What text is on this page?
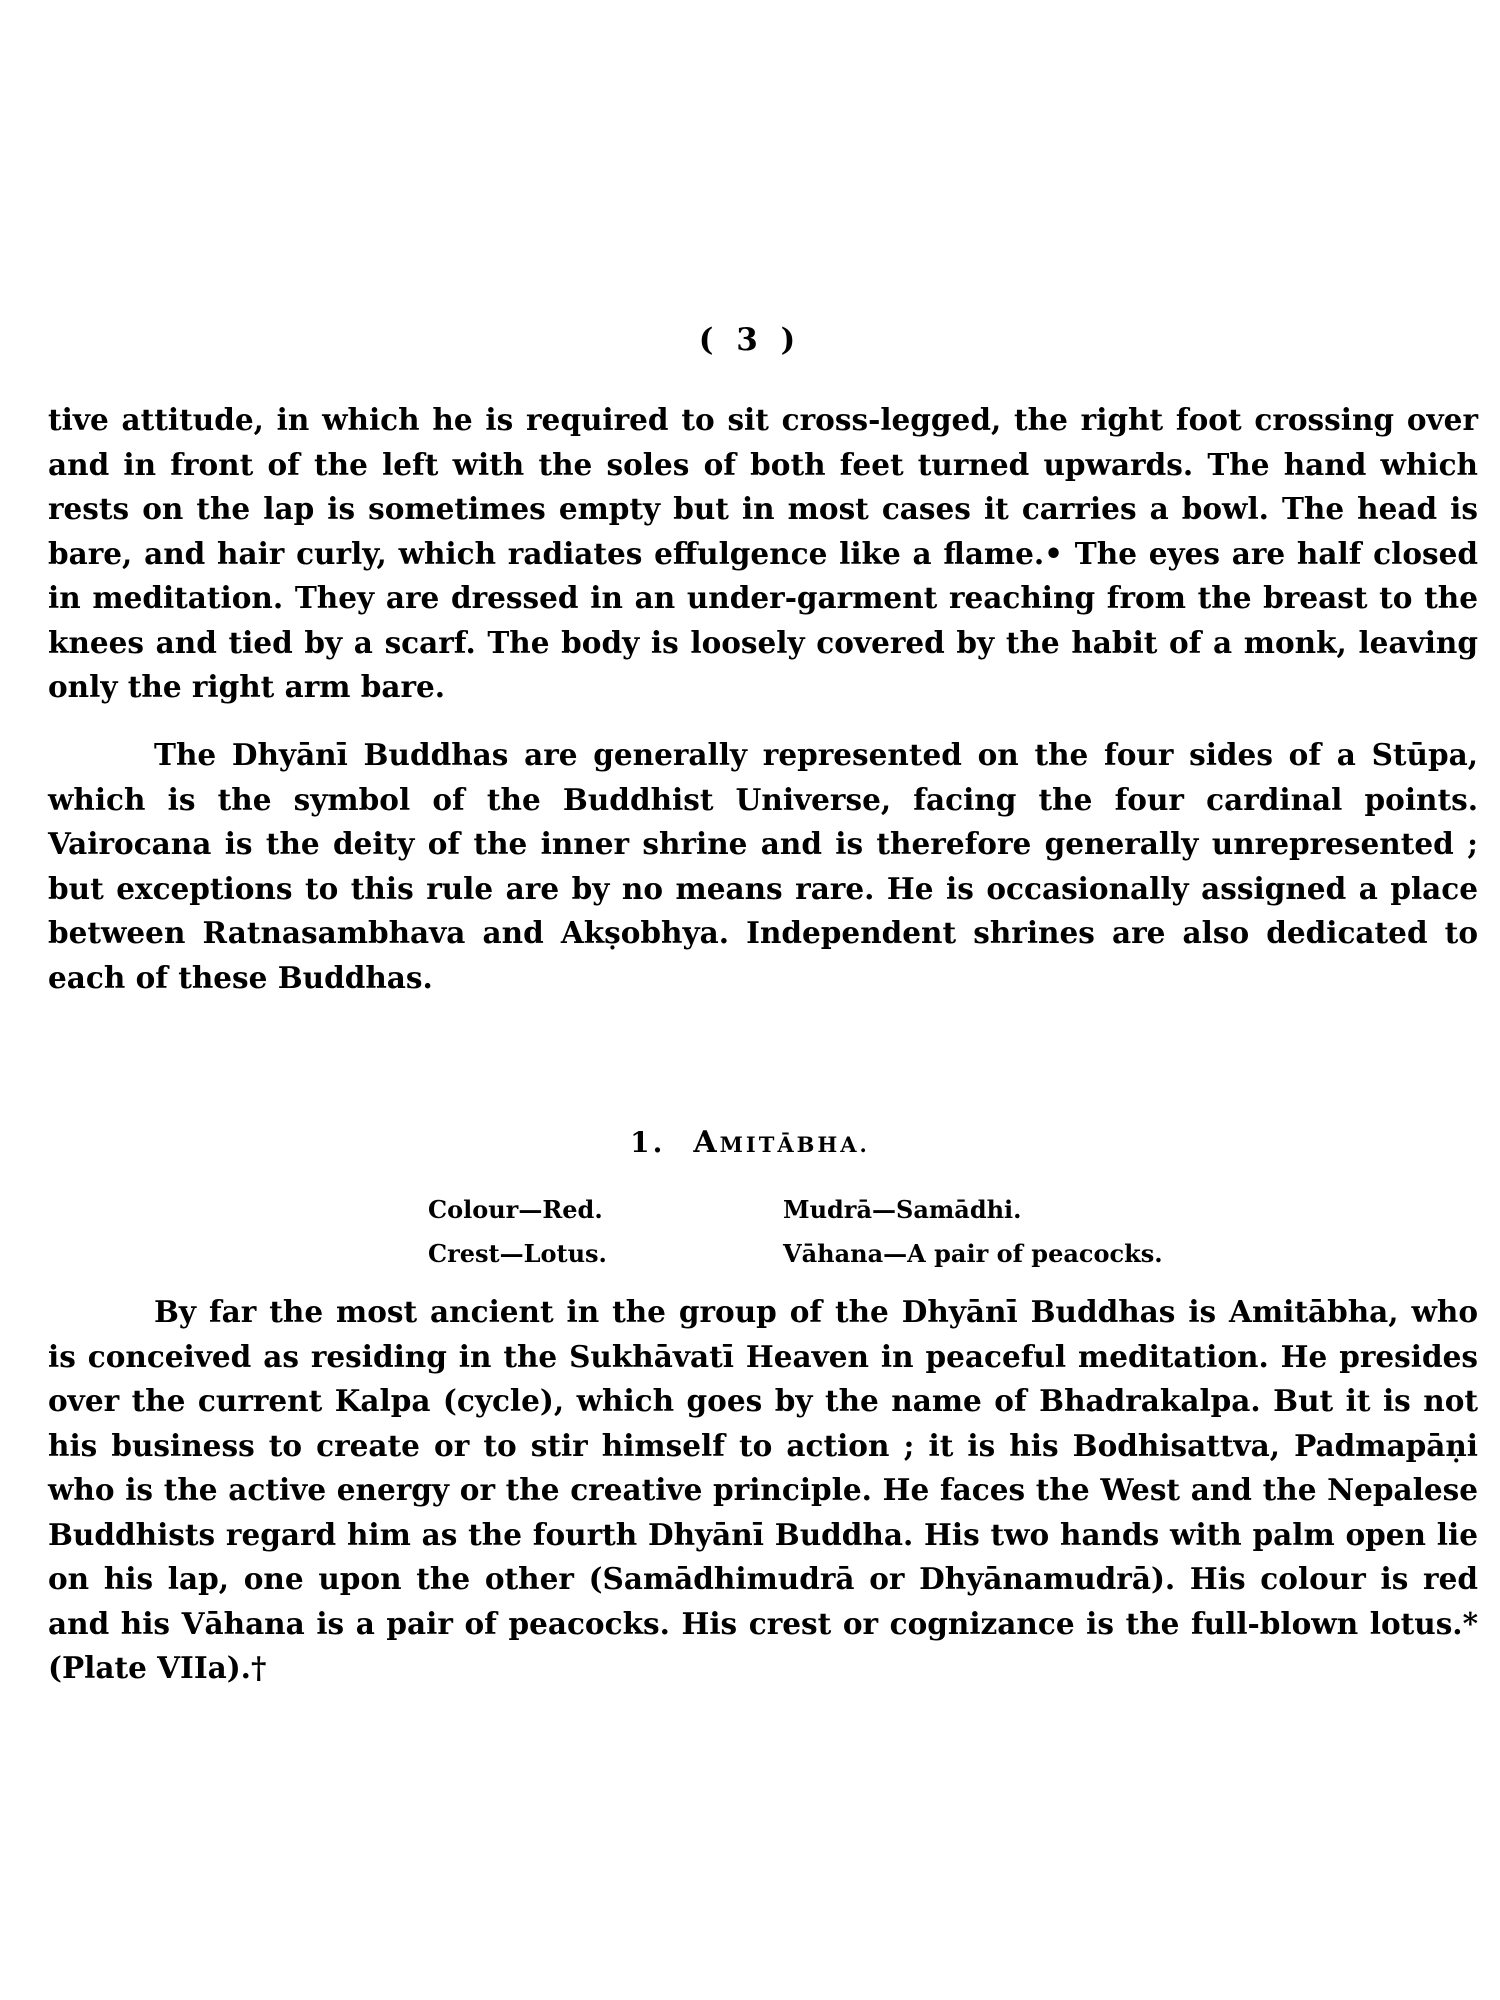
( 3 )

tive attitude, in which he is required to sit cross-legged, the right foot crossing over and in front of the left with the soles of both feet turned upwards. The hand which rests on the lap is sometimes empty but in most cases it carries a bowl. The head is bare, and hair curly, which radiates effulgence like a flame.• The eyes are half closed in meditation. They are dressed in an under-garment reaching from the breast to the knees and tied by a scarf. The body is loosely covered by the habit of a monk, leaving only the right arm bare.

The Dhyānī Buddhas are generally represented on the four sides of a Stūpa, which is the symbol of the Buddhist Universe, facing the four cardinal points. Vairocana is the deity of the inner shrine and is therefore generally unrepresented ; but exceptions to this rule are by no means rare. He is occasionally assigned a place between Ratnasambhava and Akṣobhya. Independent shrines are also dedicated to each of these Buddhas.

1. AMITĀBHA.
Colour—Red.	Mudrā—Samādhi.
Crest—Lotus.	Vāhana—A pair of peacocks.

By far the most ancient in the group of the Dhyānī Buddhas is Amitābha, who is conceived as residing in the Sukhāvatī Heaven in peaceful meditation. He presides over the current Kalpa (cycle), which goes by the name of Bhadrakalpa. But it is not his business to create or to stir himself to action ; it is his Bodhisattva, Padmapāṇi who is the active energy or the creative principle. He faces the West and the Nepalese Buddhists regard him as the fourth Dhyānī Buddha. His two hands with palm open lie on his lap, one upon the other (Samādhimudrā or Dhyānamudrā). His colour is red and his Vāhana is a pair of peacocks. His crest or cognizance is the full-blown lotus.* (Plate VIIa).†
